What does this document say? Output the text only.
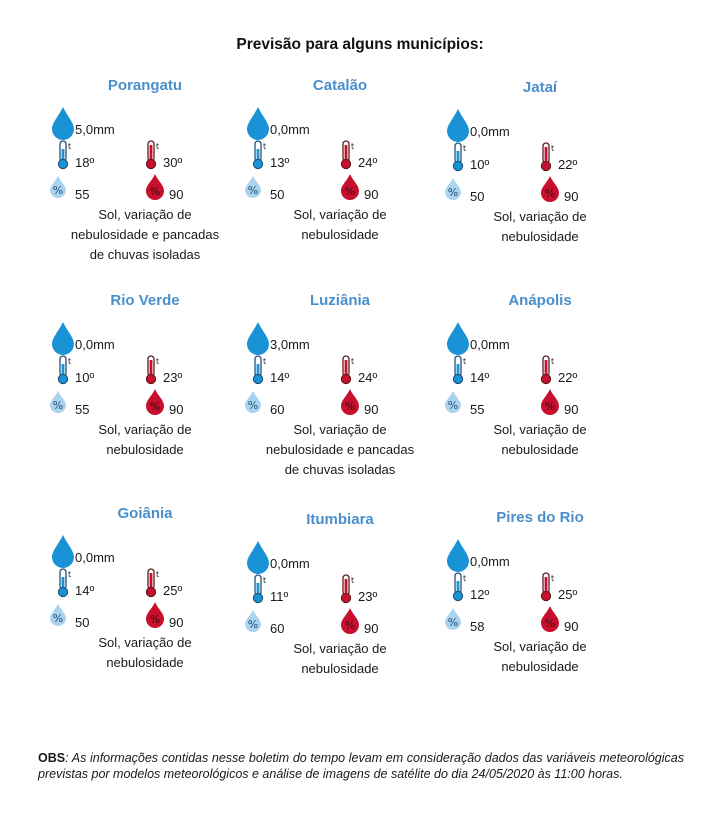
Previsão para alguns municípios:
Porangatu
5,0mm
t
18º
t
30º
% 55	% 90
Sol, variação de
nebulosidade e pancadas
de chuvas isoladas
Catalão
0,0mm
t
13º
t
24º
% 50	% 90
Sol, variação de
nebulosidade
Jataí
0,0mm
t
10º
t
22º
% 50	% 90
Sol, variação de
nebulosidade
Rio Verde
0,0mm
t
10º
t
23º
% 55	% 90
Sol, variação de
nebulosidade
Luziânia
3,0mm
t
14º
t
24º
% 60	% 90
Sol, variação de
nebulosidade e pancadas
de chuvas isoladas
Anápolis
0,0mm
t
14º
t
22º
% 55	% 90
Sol, variação de
nebulosidade
Goiânia
0,0mm
t
14º
t
25º
% 50	% 90
Sol, variação de
nebulosidade
Itumbiara
0,0mm
t
11º
t
23º
% 60	% 90
Sol, variação de
nebulosidade
Pires do Rio
0,0mm
t
12º
t
25º
% 58	% 90
Sol, variação de
nebulosidade
OBS: As informações contidas nesse boletim do tempo levam em consideração dados das variáveis meteorológicas previstas por modelos meteorológicos e análise de imagens de satélite do dia 24/05/2020 às 11:00 horas.
